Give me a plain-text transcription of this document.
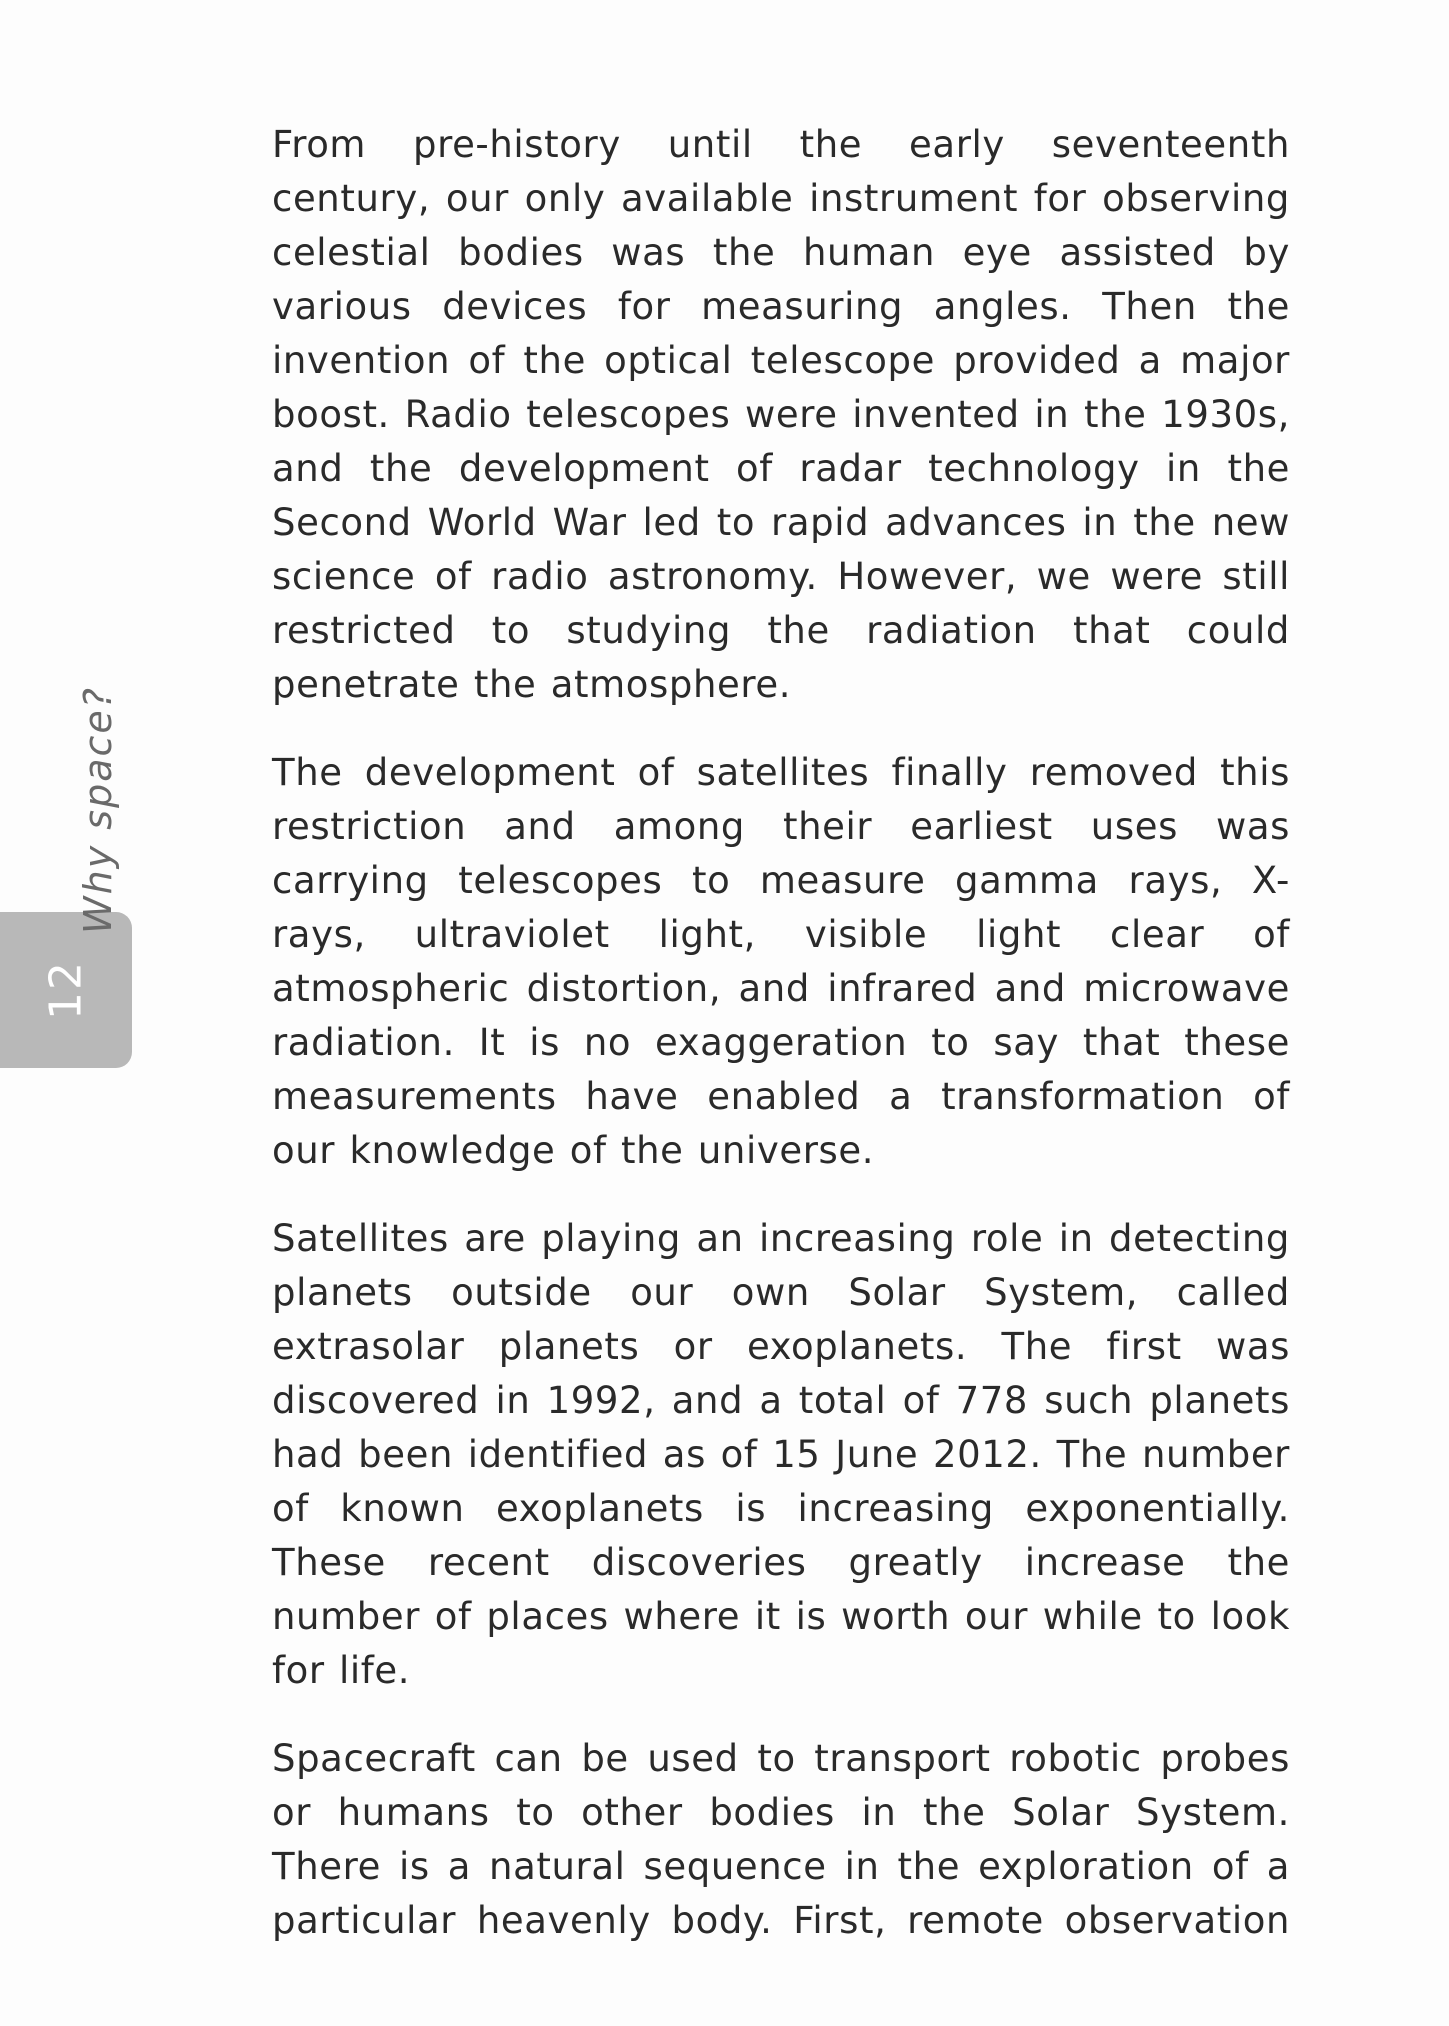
12
Why space?

From pre-history until the early seventeenth century, our only available instrument for observing celestial bodies was the human eye assisted by various devices for measuring angles. Then the invention of the optical telescope provided a major boost. Radio telescopes were invented in the 1930s, and the development of radar technology in the Second World War led to rapid advances in the new science of radio astronomy. However, we were still restricted to studying the radiation that could penetrate the atmosphere.

The development of satellites finally removed this restriction and among their earliest uses was carrying telescopes to measure gamma rays, X-rays, ultraviolet light, visible light clear of atmospheric distortion, and infrared and microwave radiation. It is no exaggeration to say that these measurements have enabled a transformation of our knowledge of the universe.

Satellites are playing an increasing role in detecting planets outside our own Solar System, called extrasolar planets or exoplanets. The first was discovered in 1992, and a total of 778 such planets had been identified as of 15 June 2012. The number of known exoplanets is increasing exponentially. These recent discoveries greatly increase the number of places where it is worth our while to look for life.

Spacecraft can be used to transport robotic probes or humans to other bodies in the Solar System. There is a natural sequence in the exploration of a particular heavenly body. First, remote observation
